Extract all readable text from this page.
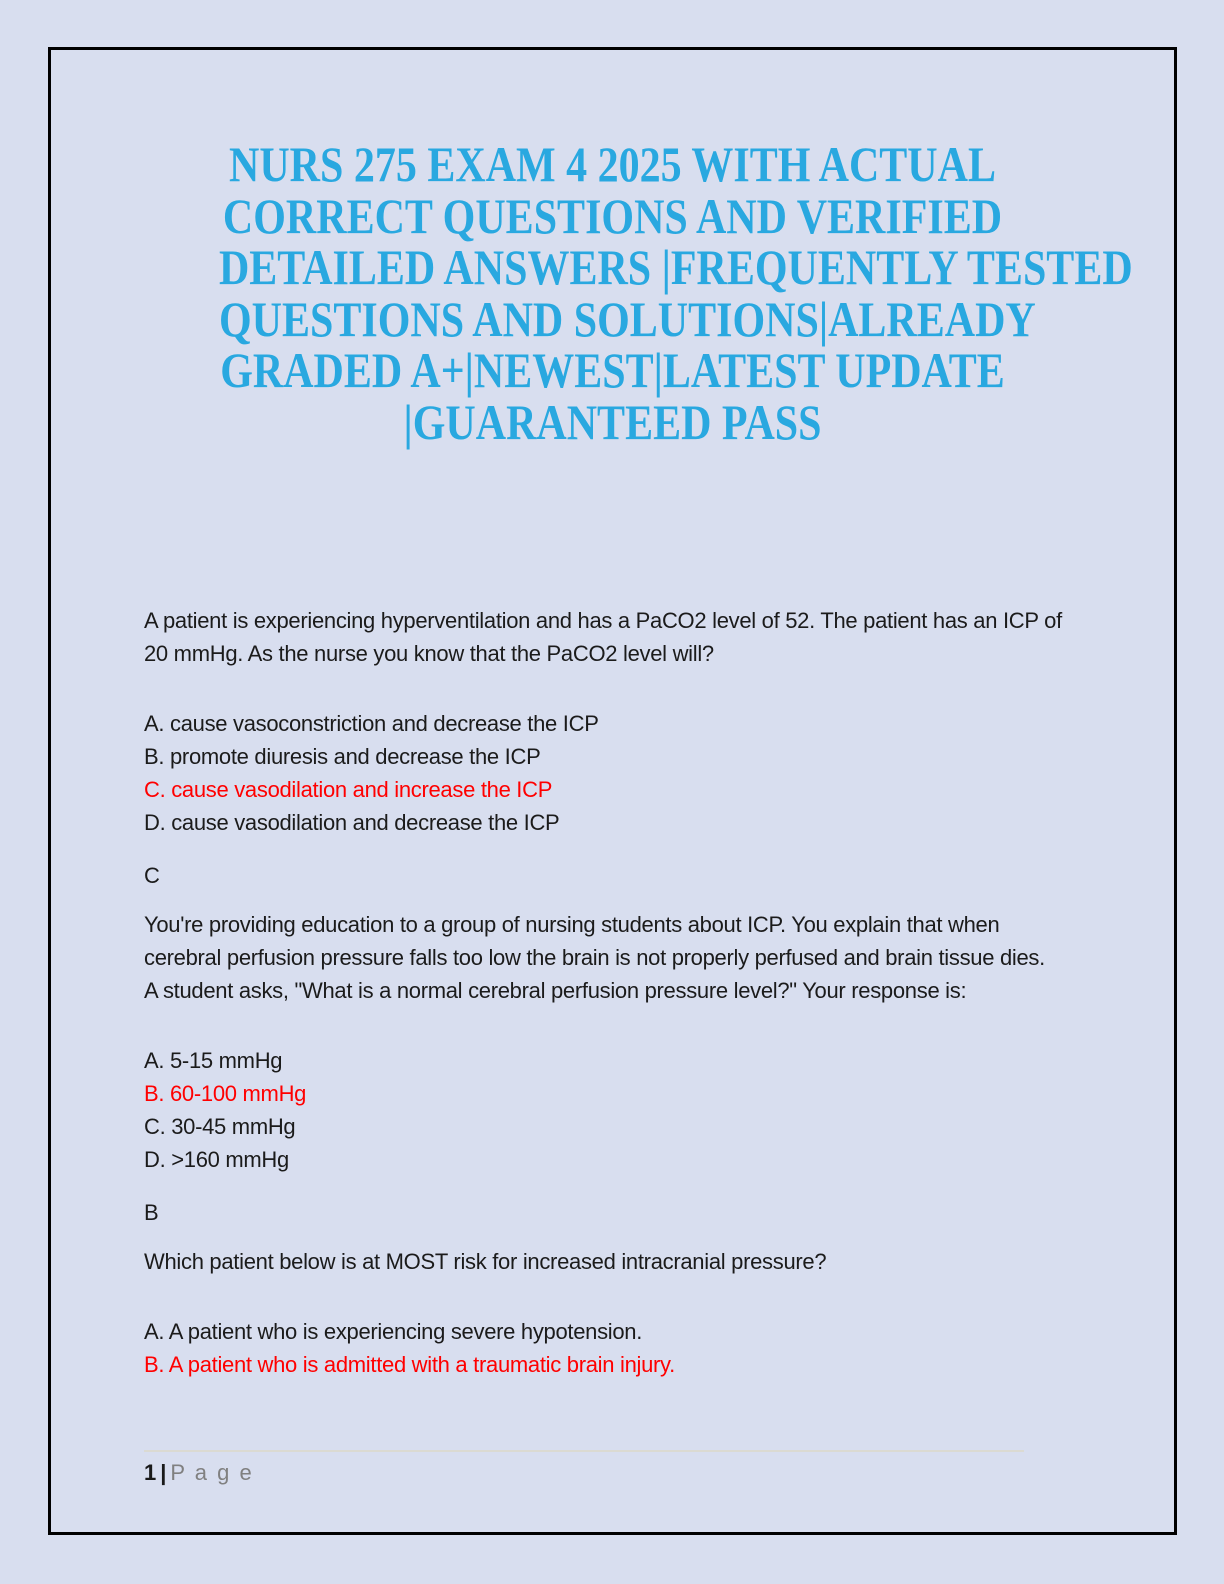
NURS 275 EXAM 4 2025 WITH ACTUAL
CORRECT QUESTIONS AND VERIFIED
DETAILED ANSWERS |FREQUENTLY TESTED
QUESTIONS AND SOLUTIONS|ALREADY
GRADED A+|NEWEST|LATEST UPDATE
|GUARANTEED PASS
A patient is experiencing hyperventilation and has a PaCO2 level of 52. The patient has an ICP of
20 mmHg. As the nurse you know that the PaCO2 level will?
A. cause vasoconstriction and decrease the ICP
B. promote diuresis and decrease the ICP
C. cause vasodilation and increase the ICP
D. cause vasodilation and decrease the ICP
C
You're providing education to a group of nursing students about ICP. You explain that when
cerebral perfusion pressure falls too low the brain is not properly perfused and brain tissue dies.
A student asks, "What is a normal cerebral perfusion pressure level?" Your response is:
A. 5-15 mmHg
B. 60-100 mmHg
C. 30-45 mmHg
D. >160 mmHg
B
Which patient below is at MOST risk for increased intracranial pressure?
A. A patient who is experiencing severe hypotension.
B. A patient who is admitted with a traumatic brain injury.
1 | P a g e
